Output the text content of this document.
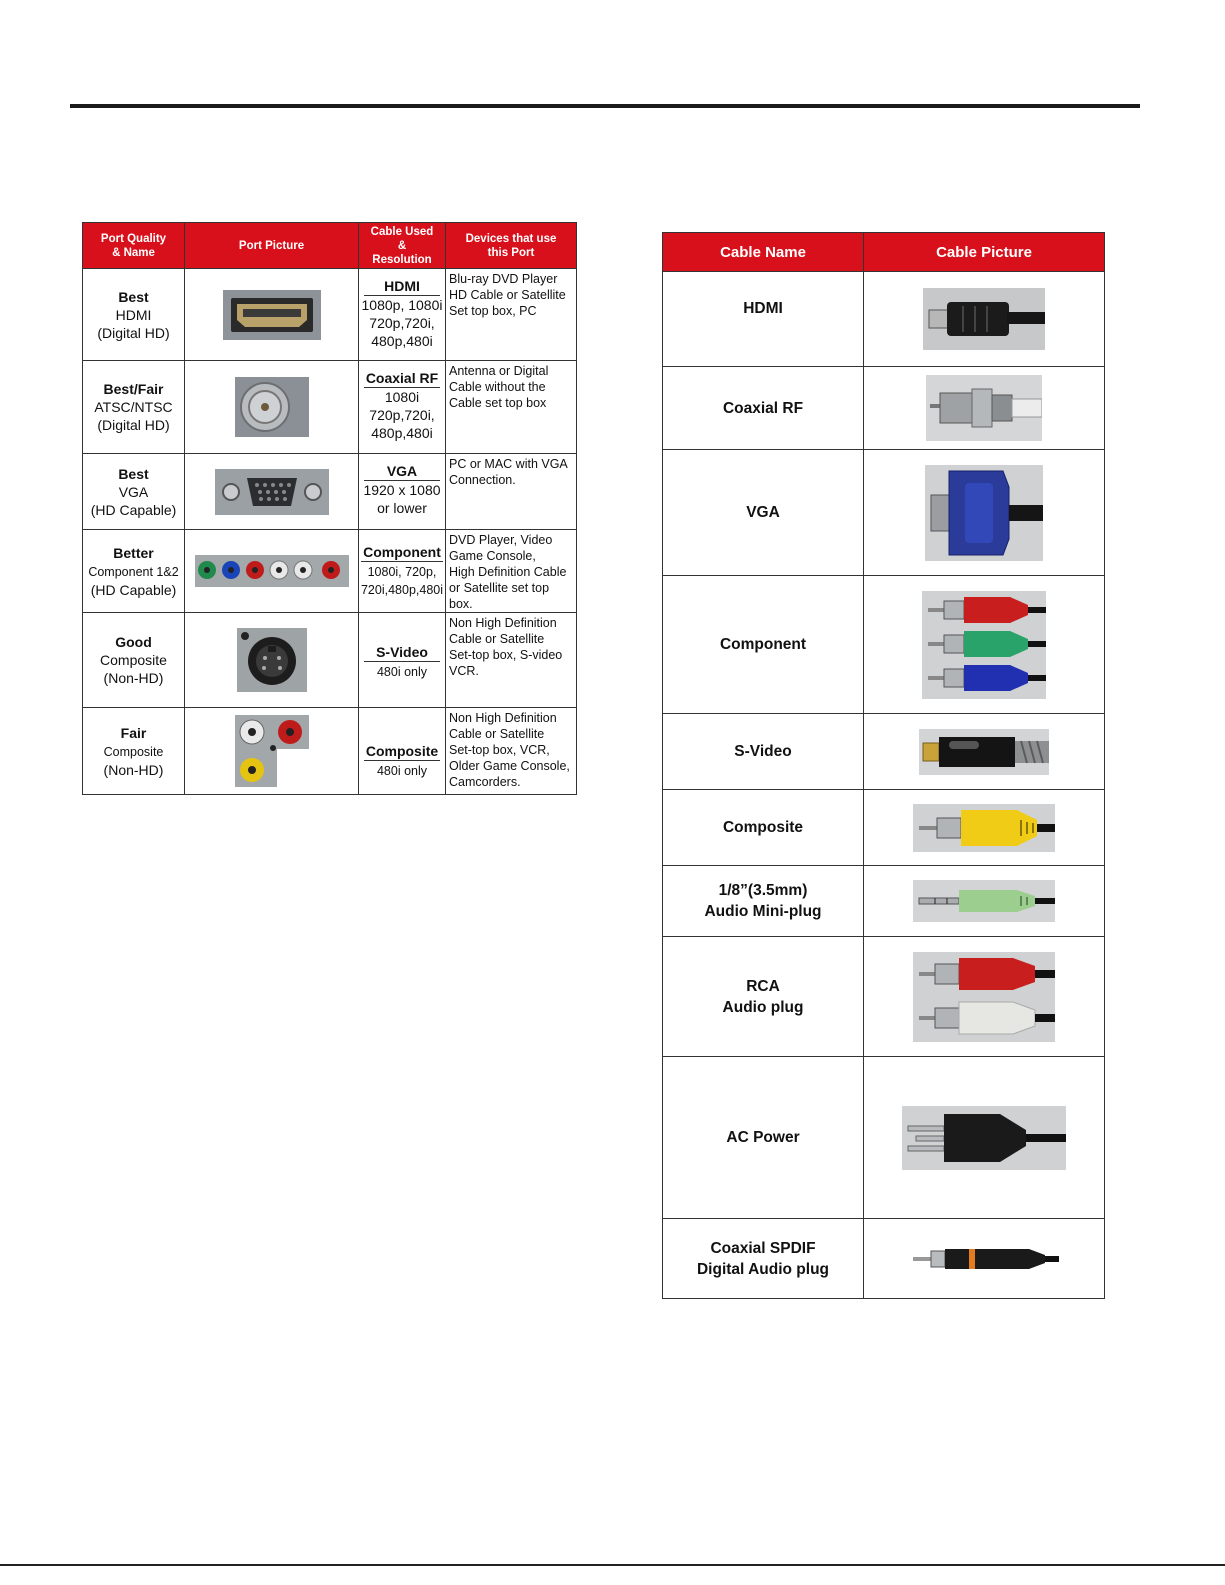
Port Quality
& Name	Port Picture	Cable Used
&
Resolution	Devices that use
this Port
Best
HDMI
(Digital HD)		HDMI
1080p, 1080i
720p,720i,
480p,480i	Blu-ray DVD Player
HD Cable or Satellite
Set top box, PC
Best/Fair
ATSC/NTSC
(Digital HD)		Coaxial RF
1080i
720p,720i,
480p,480i	Antenna or Digital
Cable without the
Cable set top box
Best
VGA
(HD Capable)		VGA
1920 x 1080
or lower	PC or MAC with VGA
Connection.
Better
Component 1&2
(HD Capable)		Component
1080i, 720p,
720i,480p,480i	DVD Player, Video
Game Console,
High Definition Cable
or Satellite set top box.
Good
Composite
(Non-HD)		S-Video
480i only	Non High Definition
Cable or Satellite
Set-top box, S-video
VCR.
Fair
Composite
(Non-HD)		Composite
480i only	Non High Definition
Cable or Satellite
Set-top box, VCR,
Older Game Console,
Camcorders.
Cable Name	Cable Picture
HDMI	

Coaxial RF	

VGA	

Component	

S-Video	

Composite	

1/8”(3.5mm)
Audio Mini-plug	

RCA
Audio plug	

AC Power	

Coaxial SPDIF
Digital Audio plug	
